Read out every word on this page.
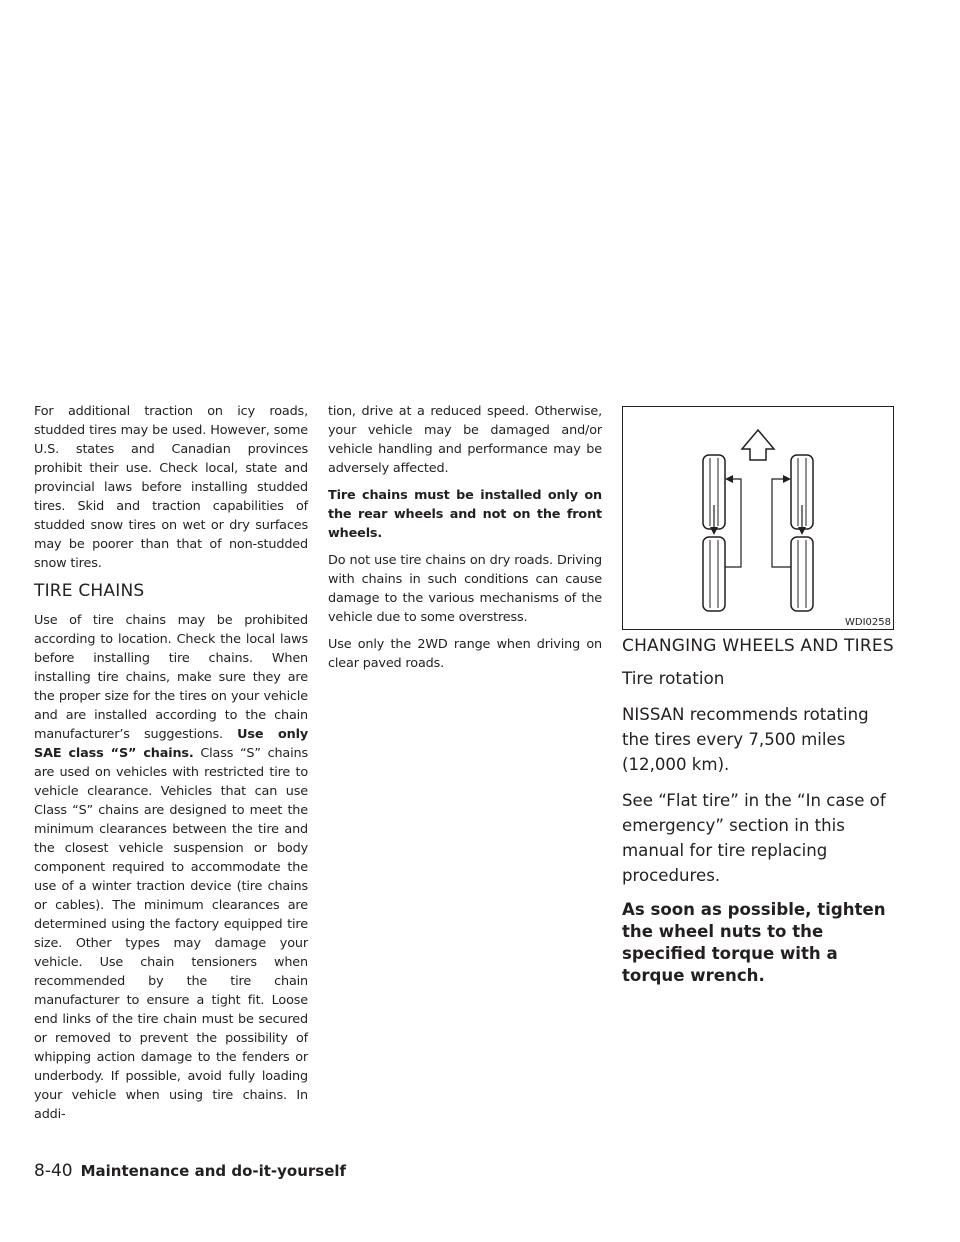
For additional traction on icy roads, studded tires may be used. However, some U.S. states and Canadian provinces prohibit their use. Check local, state and provincial laws before installing studded tires. Skid and traction capabilities of studded snow tires on wet or dry surfaces may be poorer than that of non-studded snow tires.

TIRE CHAINS

Use of tire chains may be prohibited according to location. Check the local laws before installing tire chains. When installing tire chains, make sure they are the proper size for the tires on your vehicle and are installed according to the chain manufacturer’s suggestions. Use only SAE class “S” chains. Class “S” chains are used on vehicles with restricted tire to vehicle clearance. Vehicles that can use Class “S” chains are designed to meet the minimum clearances between the tire and the closest vehicle suspension or body component required to accommodate the use of a winter traction device (tire chains or cables). The minimum clearances are determined using the factory equipped tire size. Other types may damage your vehicle. Use chain tensioners when recommended by the tire chain manufacturer to ensure a tight fit. Loose end links of the tire chain must be secured or removed to prevent the possibility of whipping action damage to the fenders or underbody. If possible, avoid fully loading your vehicle when using tire chains. In addi-

tion, drive at a reduced speed. Otherwise, your vehicle may be damaged and/or vehicle handling and performance may be adversely affected.

Tire chains must be installed only on the rear wheels and not on the front wheels.

Do not use tire chains on dry roads. Driving with chains in such conditions can cause damage to the various mechanisms of the vehicle due to some overstress.

Use only the 2WD range when driving on clear paved roads.

WDI0258
CHANGING WHEELS AND TIRES
Tire rotation

NISSAN recommends rotating the tires every 7,500 miles (12,000 km).

See “Flat tire” in the “In case of emergency” section in this manual for tire replacing procedures.

As soon as possible, tighten the wheel nuts to the specified torque with a torque wrench.

8-40 Maintenance and do-it-yourself
